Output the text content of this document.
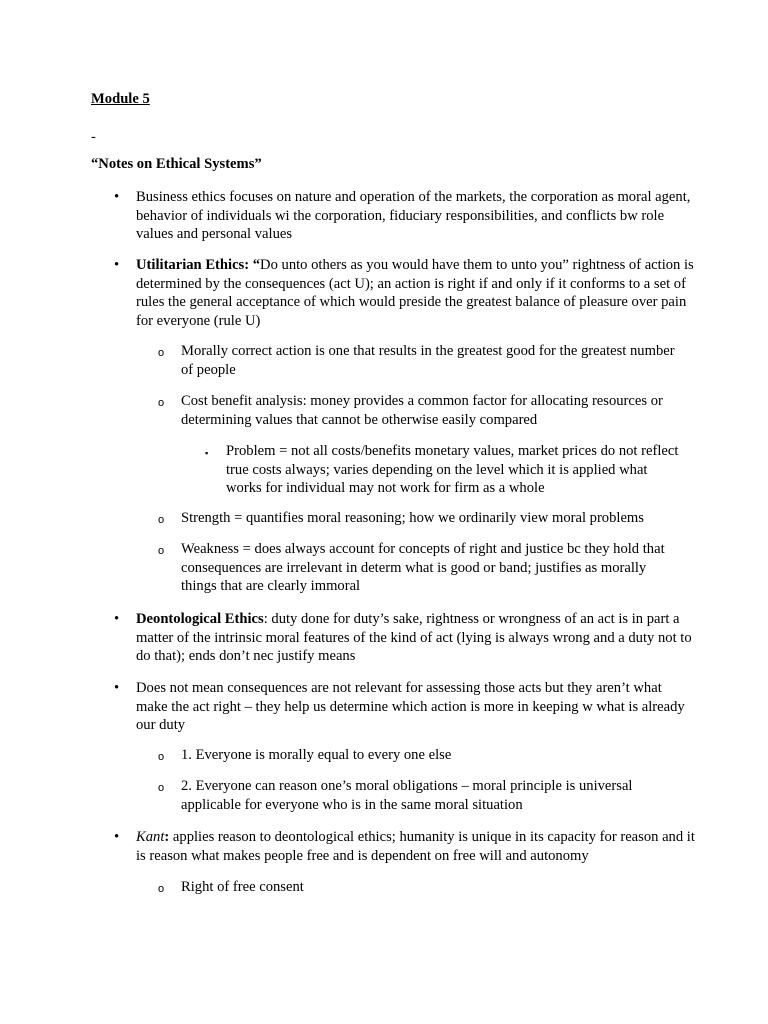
Module 5
-
“Notes on Ethical Systems”
• Business ethics focuses on nature and operation of the markets, the corporation as moral agent, behavior of individuals wi the corporation, fiduciary responsibilities, and conflicts bw role values and personal values
• Utilitarian Ethics: “Do unto others as you would have them to unto you” rightness of action is determined by the consequences (act U); an action is right if and only if it conforms to a set of rules the general acceptance of which would preside the greatest balance of pleasure over pain for everyone (rule U)
o Morally correct action is one that results in the greatest good for the greatest number of people
o Cost benefit analysis: money provides a common factor for allocating resources or determining values that cannot be otherwise easily compared
▪ Problem = not all costs/benefits monetary values, market prices do not reflect true costs always; varies depending on the level which it is applied what works for individual may not work for firm as a whole
o Strength = quantifies moral reasoning; how we ordinarily view moral problems
o Weakness = does always account for concepts of right and justice bc they hold that consequences are irrelevant in determ what is good or band; justifies as morally things that are clearly immoral
• Deontological Ethics: duty done for duty’s sake, rightness or wrongness of an act is in part a matter of the intrinsic moral features of the kind of act (lying is always wrong and a duty not to do that); ends don’t nec justify means
• Does not mean consequences are not relevant for assessing those acts but they aren’t what make the act right – they help us determine which action is more in keeping w what is already our duty
o 1. Everyone is morally equal to every one else
o 2. Everyone can reason one’s moral obligations – moral principle is universal applicable for everyone who is in the same moral situation
• Kant: applies reason to deontological ethics; humanity is unique in its capacity for reason and it is reason what makes people free and is dependent on free will and autonomy
o Right of free consent
